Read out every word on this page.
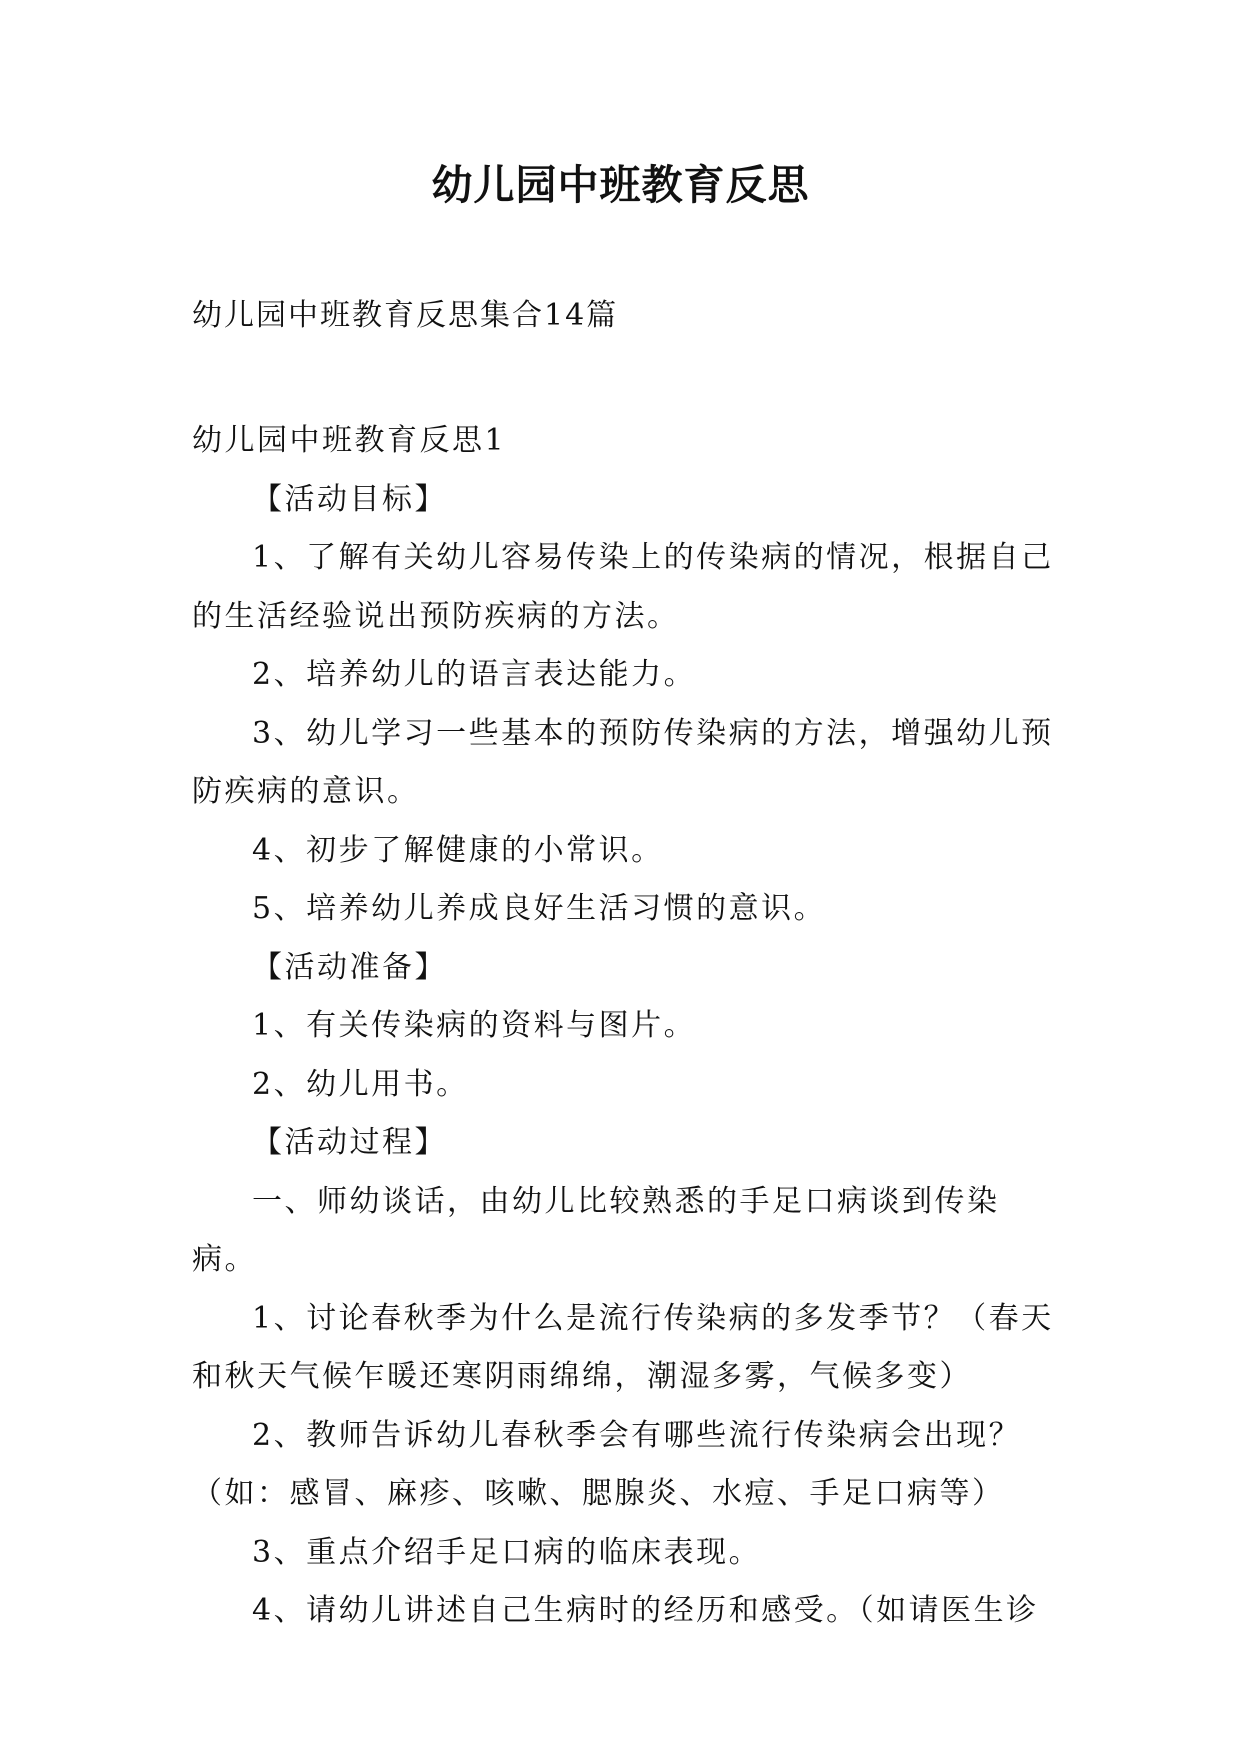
幼儿园中班教育反思
幼儿园中班教育反思集合14篇

幼儿园中班教育反思1

【活动目标】

1、了解有关幼儿容易传染上的传染病的情况，根据自己的生活经验说出预防疾病的方法。

2、培养幼儿的语言表达能力。

3、幼儿学习一些基本的预防传染病的方法，增强幼儿预防疾病的意识。

4、初步了解健康的小常识。

5、培养幼儿养成良好生活习惯的意识。

【活动准备】

1、有关传染病的资料与图片。

2、幼儿用书。

【活动过程】

一、师幼谈话，由幼儿比较熟悉的手足口病谈到传染病。

1、讨论春秋季为什么是流行传染病的多发季节？（春天和秋天气候乍暖还寒阴雨绵绵，潮湿多雾，气候多变）

2、教师告诉幼儿春秋季会有哪些流行传染病会出现？（如：感冒、麻疹、咳嗽、腮腺炎、水痘、手足口病等）

3、重点介绍手足口病的临床表现。

4、请幼儿讲述自己生病时的经历和感受。（如请医生诊
